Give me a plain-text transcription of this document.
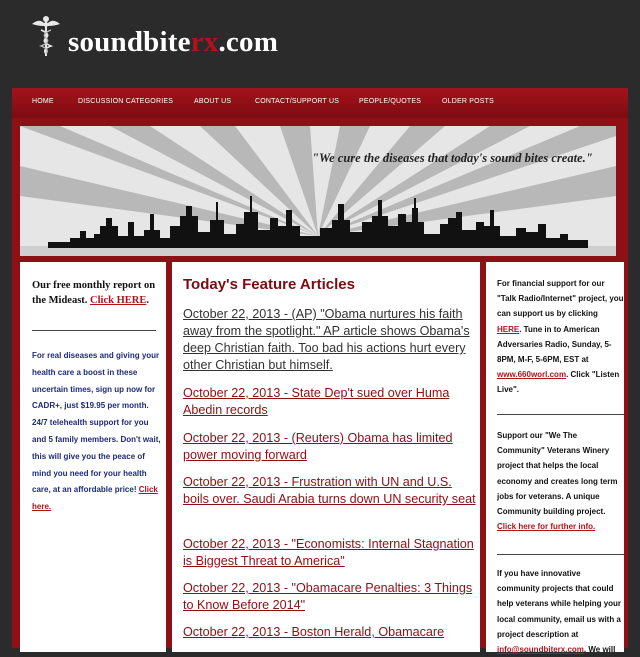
soundbiterx.com
HOME	DISCUSSION CATEGORIES	ABOUT US	CONTACT/SUPPORT US	PEOPLE/QUOTES	OLDER POSTS
"We cure the diseases that today's sound bites create."
Our free monthly report on the Mideast. Click HERE.
For real diseases and giving your health care a boost in these uncertain times, sign up now for CADR+, just $19.95 per month. 24/7 telehealth support for you and 5 family members. Don't wait, this will give you the peace of mind you need for your health care, at an affordable price! Click here.
Today's Feature Articles
October 22, 2013 - (AP) "Obama nurtures his faith away from the spotlight." AP article shows Obama's deep Christian faith. Too bad his actions hurt every other Christian but himself.
October 22, 2013 - State Dep't sued over Huma Abedin records
October 22, 2013 - (Reuters) Obama has limited power moving forward
October 22, 2013 - Frustration with UN and U.S. boils over. Saudi Arabia turns down UN security seat
October 22, 2013 - "Economists: Internal Stagnation is Biggest Threat to America"
October 22, 2013 - "Obamacare Penalties: 3 Things to Know Before 2014"
October 22, 2013 - Boston Herald, Obamacare
For financial support for our "Talk Radio/Internet" project, you can support us by clicking HERE. Tune in to American Adversaries Radio, Sunday, 5-8PM, M-F, 5-6PM, EST at www.660worl.com. Click "Listen Live".
Support our "We The Community" Veterans Winery project that helps the local economy and creates long term jobs for veterans. A unique Community building project. Click here for further info.
If you have innovative community projects that could help veterans while helping your local community, email us with a project description at info@soundbiterx.com. We will
